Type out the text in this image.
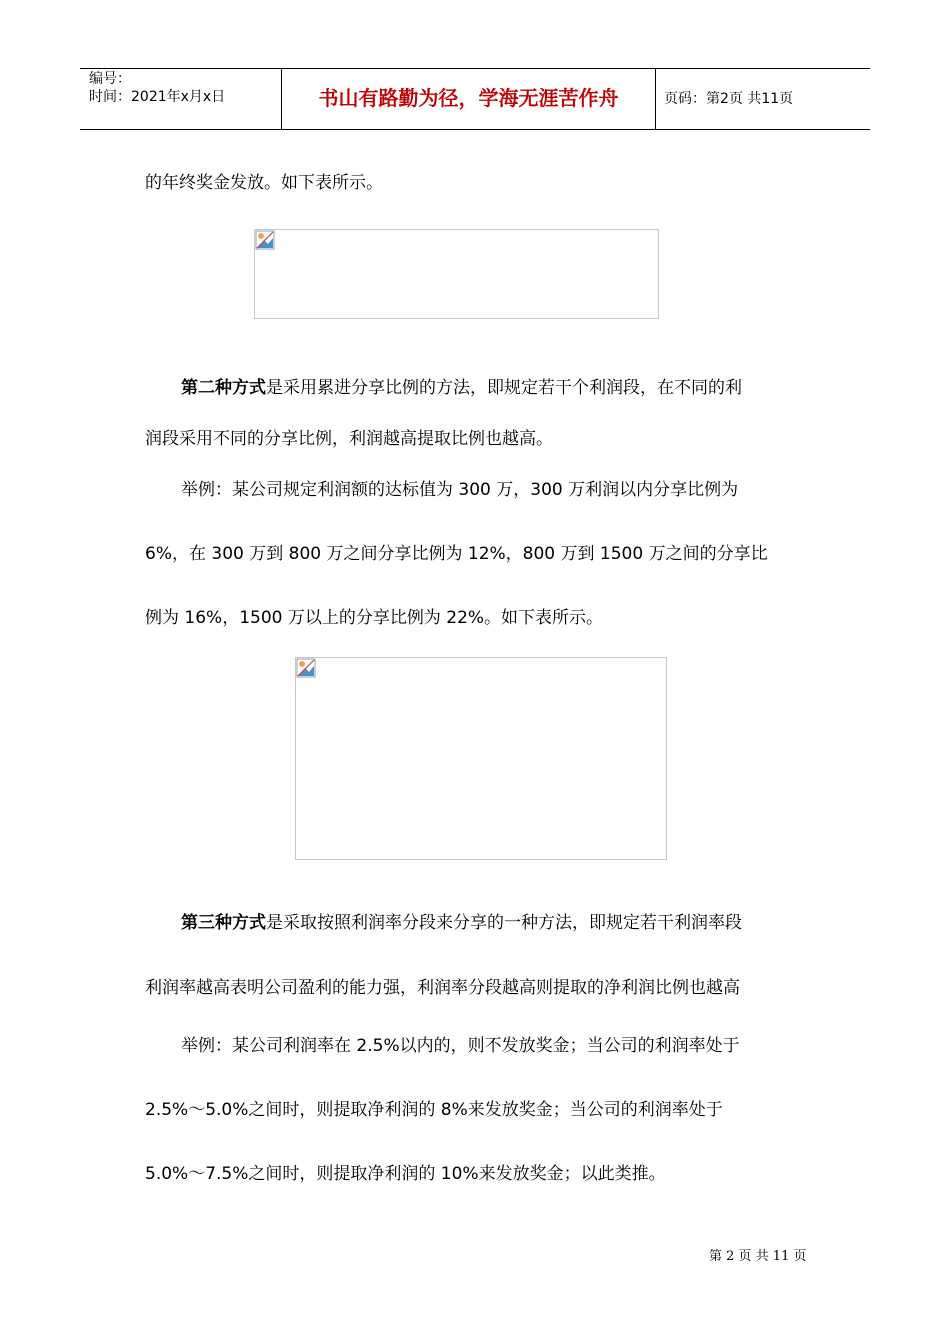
编号：
时间：2021年x月x日	书山有路勤为径，学海无涯苦作舟	页码：第2页 共11页
的年终奖金发放。如下表所示。
第二种方式是采用累进分享比例的方法，即规定若干个利润段，在不同的利
润段采用不同的分享比例，利润越高提取比例也越高。
举例：某公司规定利润额的达标值为 300 万，300 万利润以内分享比例为
6%，在 300 万到 800 万之间分享比例为 12%，800 万到 1500 万之间的分享比
例为 16%，1500 万以上的分享比例为 22%。如下表所示。
第三种方式是采取按照利润率分段来分享的一种方法，即规定若干利润率段
利润率越高表明公司盈利的能力强，利润率分段越高则提取的净利润比例也越高
举例：某公司利润率在 2.5%以内的，则不发放奖金；当公司的利润率处于
2.5%～5.0%之间时，则提取净利润的 8%来发放奖金；当公司的利润率处于
5.0%～7.5%之间时，则提取净利润的 10%来发放奖金；以此类推。
第 2 页 共 11 页
